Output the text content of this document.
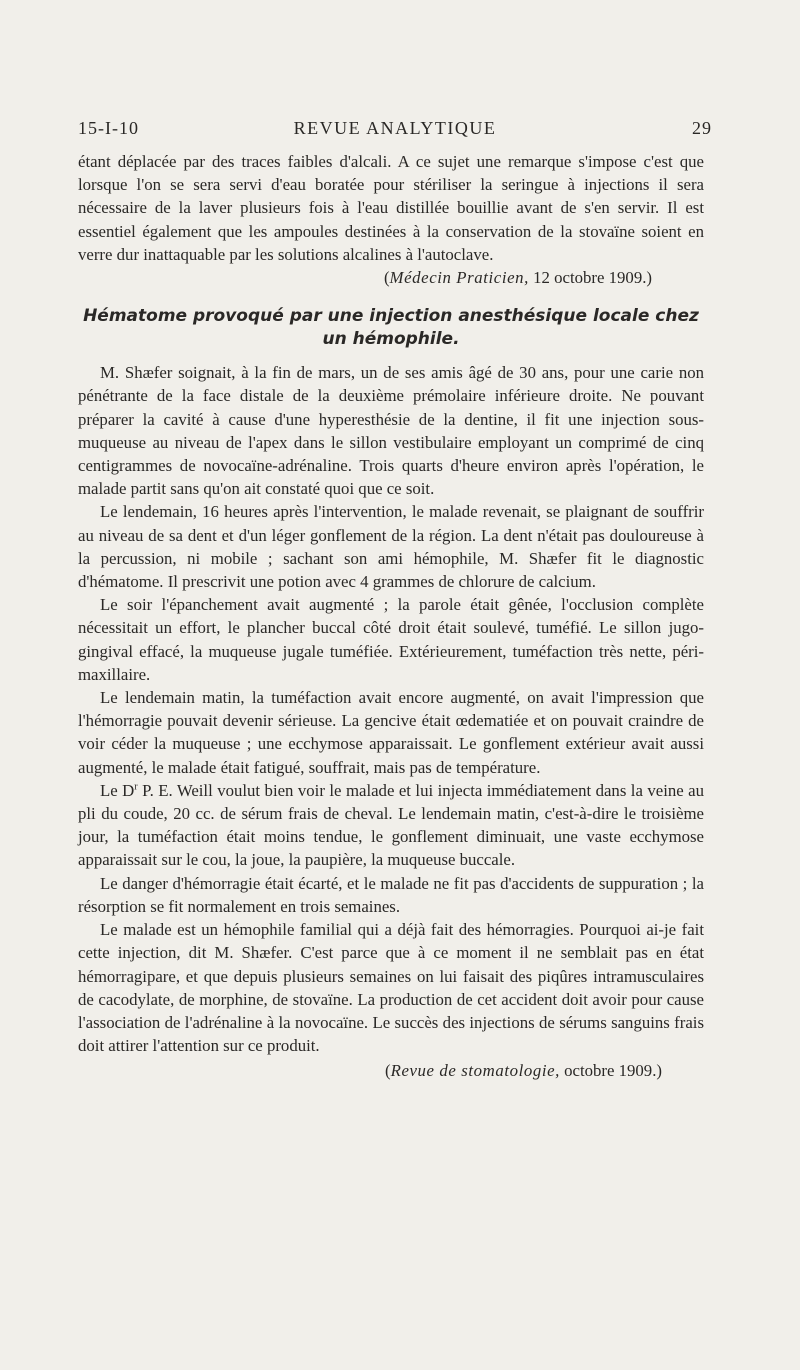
REVUE ANALYTIQUE
15-I-10	29

étant déplacée par des traces faibles d'alcali. A ce sujet une remarque s'impose c'est que lorsque l'on se sera servi d'eau boratée pour stériliser la seringue à injections il sera nécessaire de la laver plusieurs fois à l'eau distillée bouillie avant de s'en servir. Il est essentiel également que les ampoules destinées à la conservation de la stovaïne soient en verre dur inattaquable par les solutions alcalines à l'autoclave.

(Médecin Praticien, 12 octobre 1909.)

Hématome provoqué par une injection anesthésique locale chez un hémophile.

M. Shæfer soignait, à la fin de mars, un de ses amis âgé de 30 ans, pour une carie non pénétrante de la face distale de la deuxième prémolaire inférieure droite. Ne pouvant préparer la cavité à cause d'une hyperesthésie de la dentine, il fit une injection sous-muqueuse au niveau de l'apex dans le sillon vestibulaire employant un comprimé de cinq centigrammes de novocaïne-adrénaline. Trois quarts d'heure environ après l'opération, le malade partit sans qu'on ait constaté quoi que ce soit.

Le lendemain, 16 heures après l'intervention, le malade revenait, se plaignant de souffrir au niveau de sa dent et d'un léger gonflement de la région. La dent n'était pas douloureuse à la percussion, ni mobile ; sachant son ami hémophile, M. Shæfer fit le diagnostic d'hématome. Il prescrivit une potion avec 4 grammes de chlorure de calcium.

Le soir l'épanchement avait augmenté ; la parole était gênée, l'occlusion complète nécessitait un effort, le plancher buccal côté droit était soulevé, tuméfié. Le sillon jugo-gingival effacé, la muqueuse jugale tuméfiée. Extérieurement, tuméfaction très nette, péri-maxillaire.

Le lendemain matin, la tuméfaction avait encore augmenté, on avait l'impression que l'hémorragie pouvait devenir sérieuse. La gencive était œdematiée et on pouvait craindre de voir céder la muqueuse ; une ecchymose apparaissait. Le gonflement extérieur avait aussi augmenté, le malade était fatigué, souffrait, mais pas de température.

Le $D^r$ P. E. Weill voulut bien voir le malade et lui injecta immédiatement dans la veine au pli du coude, 20 cc. de sérum frais de cheval. Le lendemain matin, c'est-à-dire le troisième jour, la tuméfaction était moins tendue, le gonflement diminuait, une vaste ecchymose apparaissait sur le cou, la joue, la paupière, la muqueuse buccale.

Le danger d'hémorragie était écarté, et le malade ne fit pas d'accidents de suppuration ; la résorption se fit normalement en trois semaines.

Le malade est un hémophile familial qui a déjà fait des hémorragies. Pourquoi ai-je fait cette injection, dit M. Shæfer. C'est parce que à ce moment il ne semblait pas en état hémorragipare, et que depuis plusieurs semaines on lui faisait des piqûres intramusculaires de cacodylate, de morphine, de stovaïne. La production de cet accident doit avoir pour cause l'association de l'adrénaline à la novocaïne. Le succès des injections de sérums sanguins frais doit attirer l'attention sur ce produit.

(Revue de stomatologie, octobre 1909.)
